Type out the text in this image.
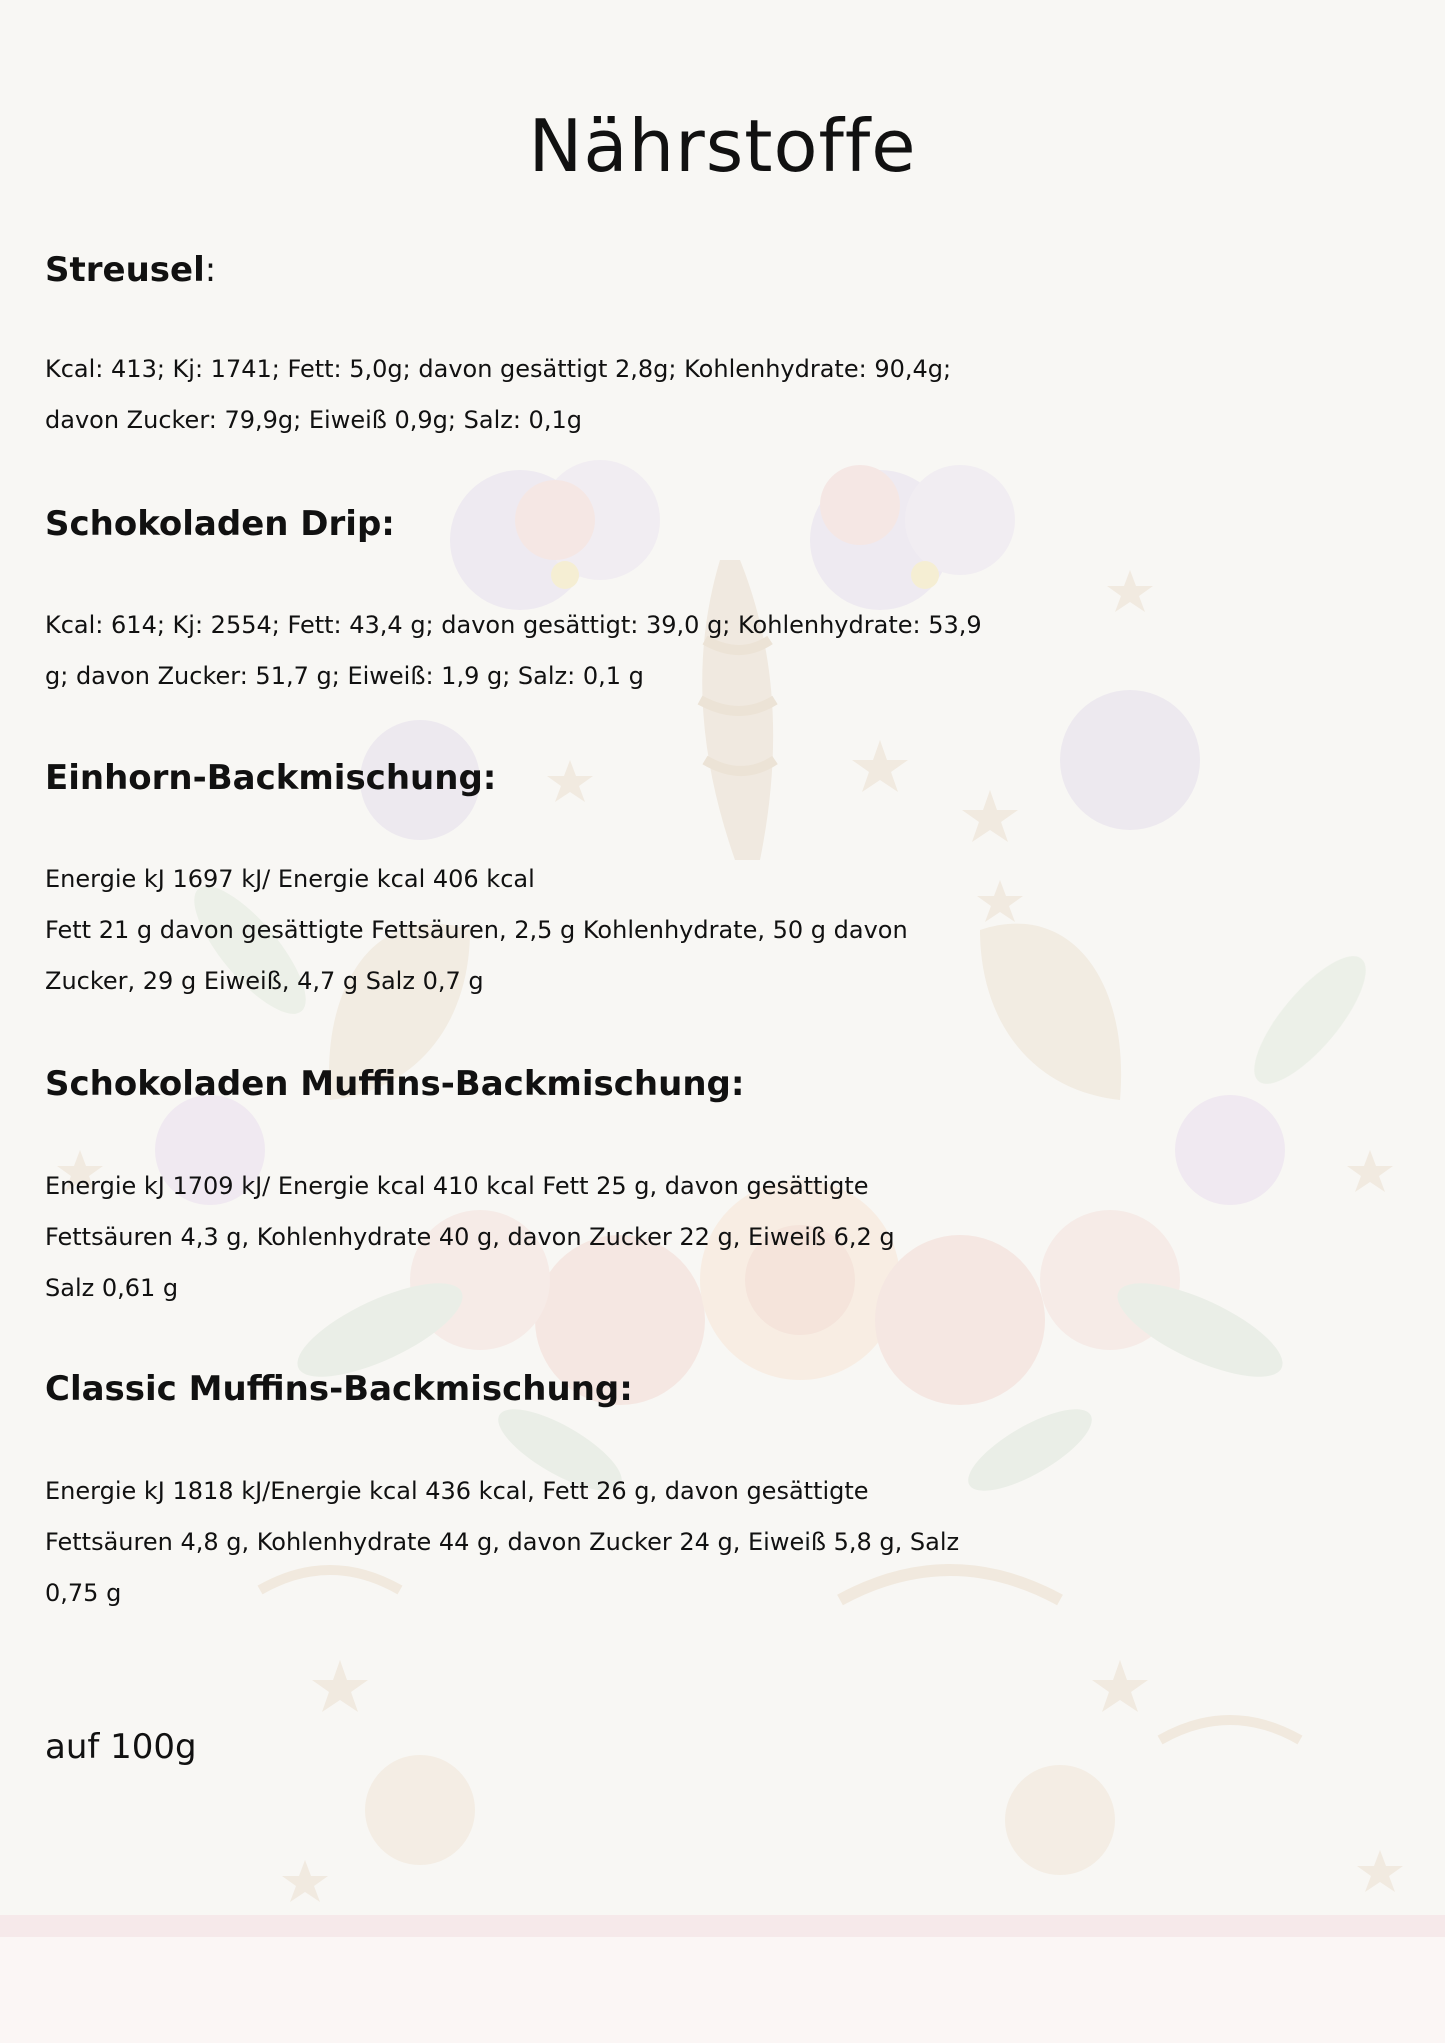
Nährstoffe

Streusel:

Kcal: 413; Kj: 1741; Fett: 5,0g; davon gesättigt 2,8g; Kohlenhydrate: 90,4g;
davon Zucker: 79,9g; Eiweiß 0,9g; Salz: 0,1g

Schokoladen Drip:

Kcal: 614; Kj: 2554; Fett: 43,4 g; davon gesättigt: 39,0 g; Kohlenhydrate: 53,9
g; davon Zucker: 51,7 g; Eiweiß: 1,9 g; Salz: 0,1 g

Einhorn-Backmischung:

Energie kJ 1697 kJ/ Energie kcal 406 kcal
Fett 21 g davon gesättigte Fettsäuren, 2,5 g Kohlenhydrate, 50 g davon
Zucker, 29 g Eiweiß, 4,7 g Salz 0,7 g

Schokoladen Muffins-Backmischung:

Energie kJ 1709 kJ/ Energie kcal 410 kcal Fett 25 g, davon gesättigte
Fettsäuren 4,3 g, Kohlenhydrate 40 g, davon Zucker 22 g, Eiweiß 6,2 g
Salz 0,61 g

Classic Muffins-Backmischung:

Energie kJ 1818 kJ/Energie kcal 436 kcal, Fett 26 g, davon gesättigte
Fettsäuren 4,8 g, Kohlenhydrate 44 g, davon Zucker 24 g, Eiweiß 5,8 g, Salz
0,75 g

auf 100g
